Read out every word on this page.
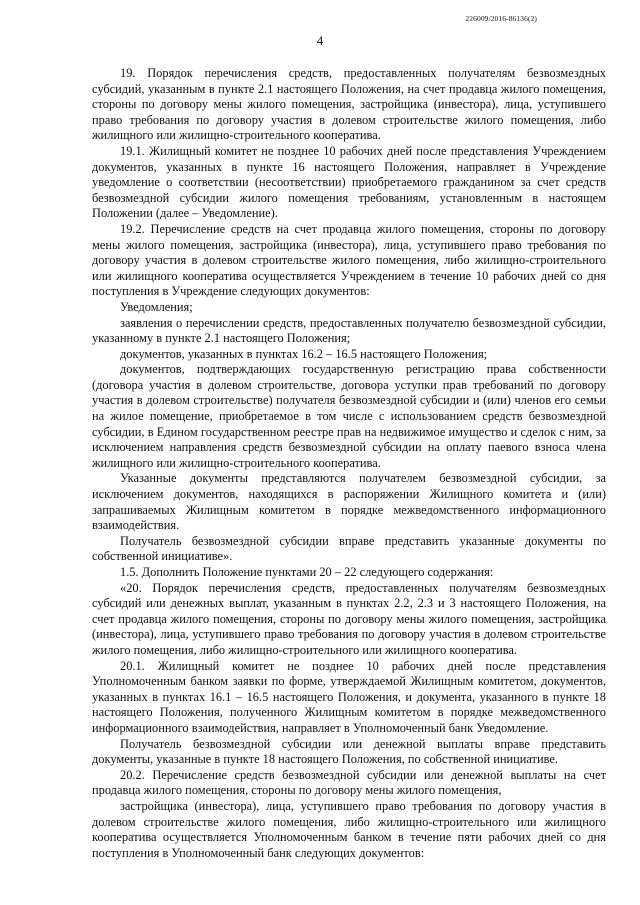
226009/2016-86136(2)
4

19. Порядок перечисления средств, предоставленных получателям безвозмездных субсидий, указанным в пункте 2.1 настоящего Положения, на счет продавца жилого помещения, стороны по договору мены жилого помещения, застройщика (инвестора), лица, уступившего право требования по договору участия в долевом строительстве жилого помещения, либо жилищного или жилищно-строительного кооператива.

19.1. Жилищный комитет не позднее 10 рабочих дней после представления Учреждением документов, указанных в пункте 16 настоящего Положения, направляет в Учреждение уведомление о соответствии (несоответствии) приобретаемого гражданином за счет средств безвозмездной субсидии жилого помещения требованиям, установленным в настоящем Положении (далее – Уведомление).

19.2. Перечисление средств на счет продавца жилого помещения, стороны по договору мены жилого помещения, застройщика (инвестора), лица, уступившего право требования по договору участия в долевом строительстве жилого помещения, либо жилищно-строительного или жилищного кооператива осуществляется Учреждением в течение 10 рабочих дней со дня поступления в Учреждение следующих документов:

Уведомления;

заявления о перечислении средств, предоставленных получателю безвозмездной субсидии, указанному в пункте 2.1 настоящего Положения;

документов, указанных в пунктах 16.2 – 16.5 настоящего Положения;

документов, подтверждающих государственную регистрацию права собственности (договора участия в долевом строительстве, договора уступки прав требований по договору участия в долевом строительстве) получателя безвозмездной субсидии и (или) членов его семьи на жилое помещение, приобретаемое в том числе с использованием средств безвозмездной субсидии, в Едином государственном реестре прав на недвижимое имущество и сделок с ним, за исключением направления средств безвозмездной субсидии на оплату паевого взноса члена жилищного или жилищно-строительного кооператива.

Указанные документы представляются получателем безвозмездной субсидии, за исключением документов, находящихся в распоряжении Жилищного комитета и (или) запрашиваемых Жилищным комитетом в порядке межведомственного информационного взаимодействия.

Получатель безвозмездной субсидии вправе представить указанные документы по собственной инициативе».

1.5. Дополнить Положение пунктами 20 – 22 следующего содержания:

«20. Порядок перечисления средств, предоставленных получателям безвозмездных субсидий или денежных выплат, указанным в пунктах 2.2, 2.3 и 3 настоящего Положения, на счет продавца жилого помещения, стороны по договору мены жилого помещения, застройщика (инвестора), лица, уступившего право требования по договору участия в долевом строительстве жилого помещения, либо жилищно-строительного или жилищного кооператива.

20.1. Жилищный комитет не позднее 10 рабочих дней после представления Уполномоченным банком заявки по форме, утверждаемой Жилищным комитетом, документов, указанных в пунктах 16.1 – 16.5 настоящего Положения, и документа, указанного в пункте 18 настоящего Положения, полученного Жилищным комитетом в порядке межведомственного информационного взаимодействия, направляет в Уполномоченный банк Уведомление.

Получатель безвозмездной субсидии или денежной выплаты вправе представить документы, указанные в пункте 18 настоящего Положения, по собственной инициативе.

20.2. Перечисление средств безвозмездной субсидии или денежной выплаты на счет продавца жилого помещения, стороны по договору мены жилого помещения,

застройщика (инвестора), лица, уступившего право требования по договору участия в долевом строительстве жилого помещения, либо жилищно-строительного или жилищного кооператива осуществляется Уполномоченным банком в течение пяти рабочих дней со дня поступления в Уполномоченный банк следующих документов:
